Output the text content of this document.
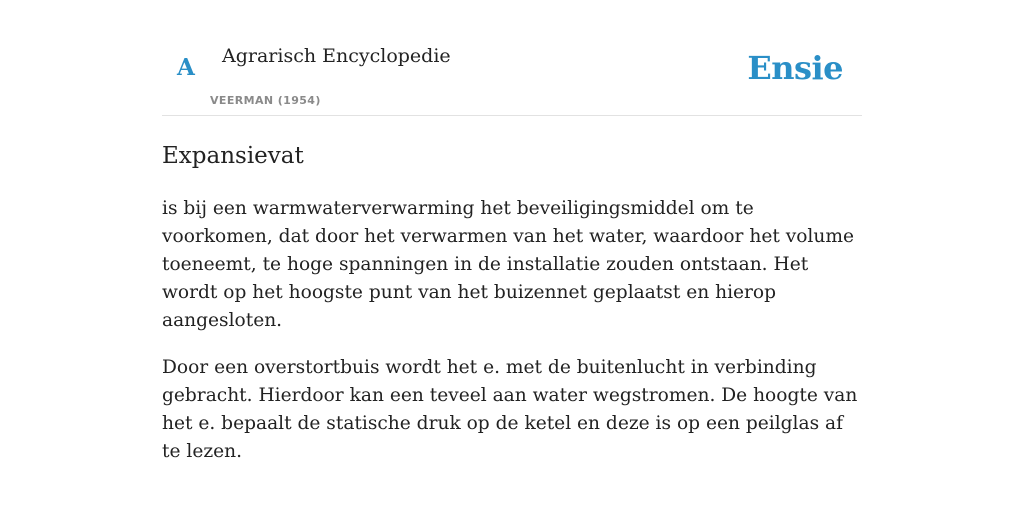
A Agrarisch Encyclopedie
VEERMAN (1954)
Ensie
Expansievat

is bij een warmwaterverwarming het beveiligingsmiddel om te voorkomen, dat door het verwarmen van het water, waardoor het volume toeneemt, te hoge spanningen in de installatie zouden ontstaan. Het wordt op het hoogste punt van het buizennet geplaatst en hierop aangesloten.

Door een overstortbuis wordt het e. met de buitenlucht in verbinding gebracht. Hierdoor kan een teveel aan water wegstromen. De hoogte van het e. bepaalt de statische druk op de ketel en deze is op een peilglas af te lezen.
